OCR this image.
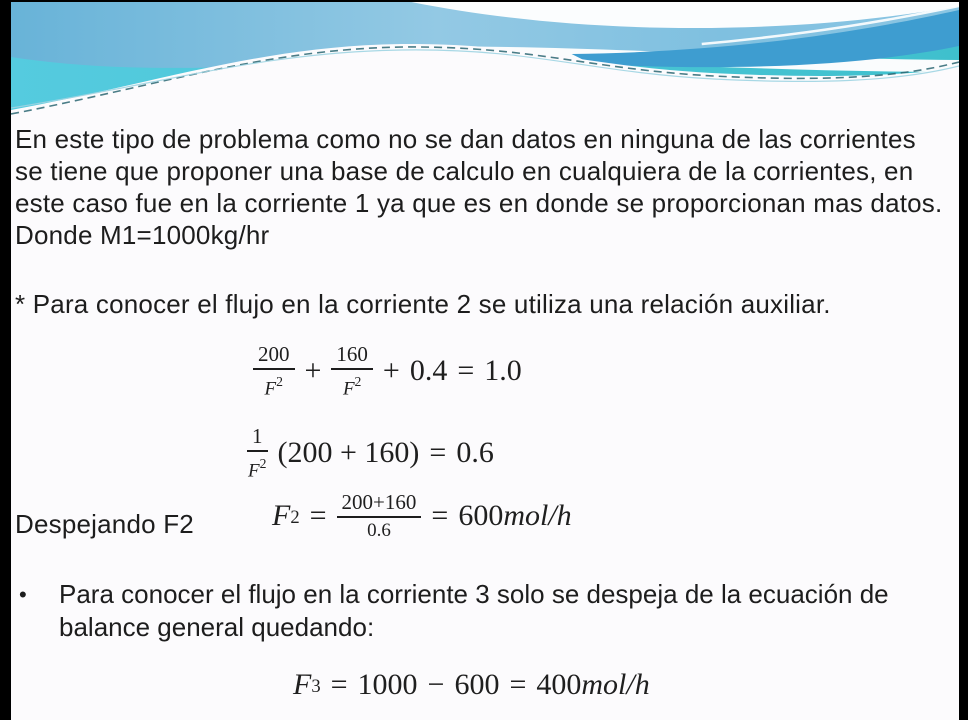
En este tipo de problema como no se dan datos en ninguna de las corrientes se tiene que proponer una base de calculo en cualquiera de la corrientes, en este caso fue en la corriente 1 ya que es en donde se proporcionan mas datos.
Donde M1=1000kg/hr
* Para conocer el flujo en la corriente 2 se utiliza una relación auxiliar.
$\frac{200}{F^2} + \frac{160}{F^2} + 0.4 = 1.0$
$\frac{1}{F^2} (200 + 160) = 0.6$
Despejando F2	$F^2 = \frac{200+160}{0.6} = 600$ mol/h
•	Para conocer el flujo en la corriente 3 solo se despeja de la ecuación de balance general quedando:
$F^3 = 1000 - 600 = 400$ mol/h
